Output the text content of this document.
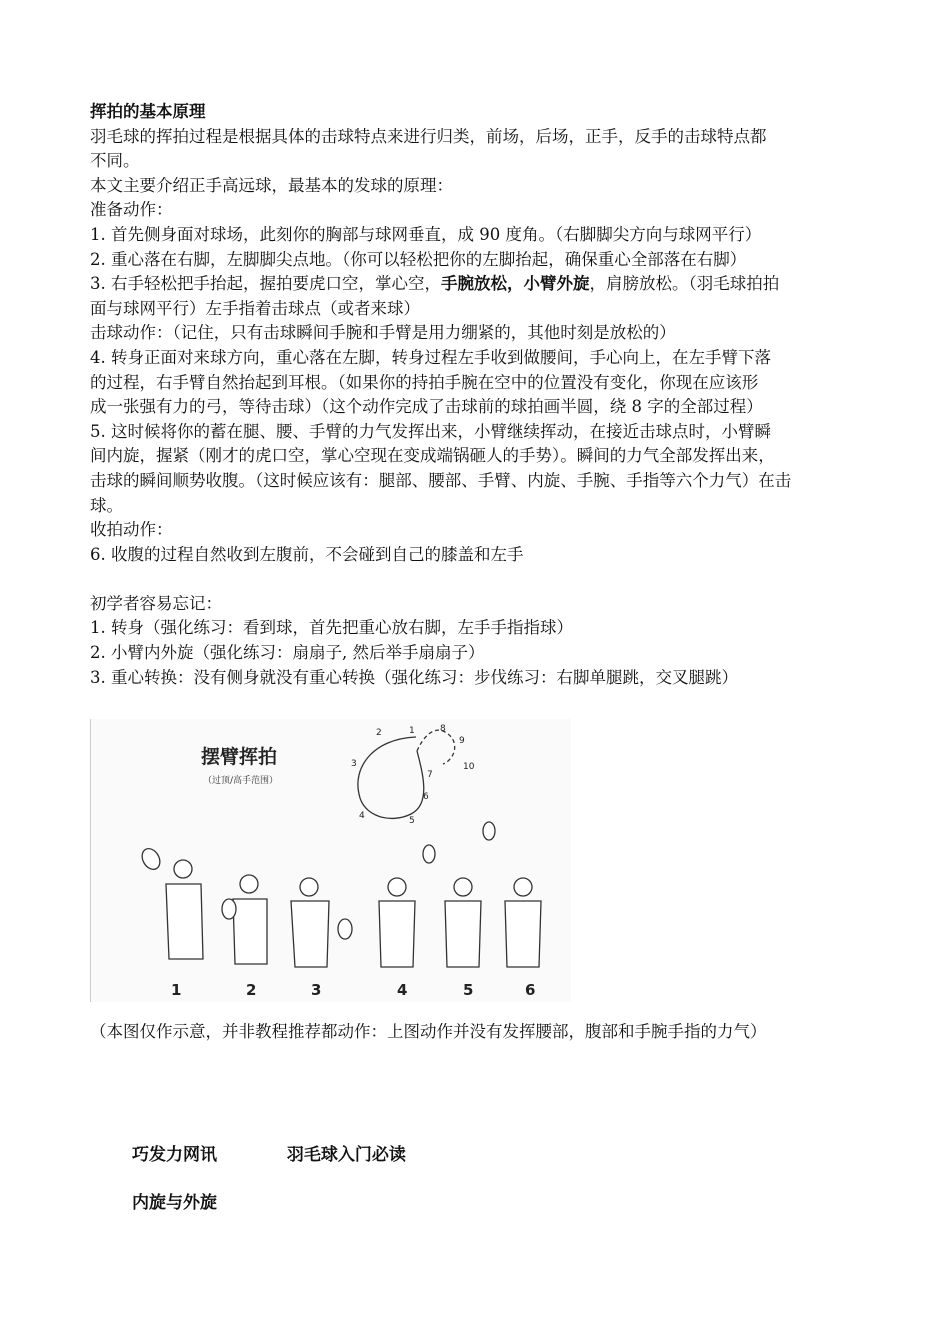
挥拍的基本原理

羽毛球的挥拍过程是根据具体的击球特点来进行归类，前场，后场，正手，反手的击球特点都

不同。

本文主要介绍正手高远球，最基本的发球的原理：

准备动作：

1. 首先侧身面对球场，此刻你的胸部与球网垂直，成 90 度角。（右脚脚尖方向与球网平行）

2. 重心落在右脚，左脚脚尖点地。（你可以轻松把你的左脚抬起，确保重心全部落在右脚）

3. 右手轻松把手抬起，握拍要虎口空，掌心空，手腕放松，小臂外旋，肩膀放松。（羽毛球拍拍

面与球网平行）左手指着击球点（或者来球）

击球动作：（记住，只有击球瞬间手腕和手臂是用力绷紧的，其他时刻是放松的）

4. 转身正面对来球方向，重心落在左脚，转身过程左手收到做腰间，手心向上，在左手臂下落

的过程，右手臂自然抬起到耳根。（如果你的持拍手腕在空中的位置没有变化，你现在应该形

成一张强有力的弓，等待击球）（这个动作完成了击球前的球拍画半圆，绕 8 字的全部过程）

5. 这时候将你的蓄在腿、腰、手臂的力气发挥出来，小臂继续挥动，在接近击球点时，小臂瞬

间内旋，握紧（刚才的虎口空，掌心空现在变成端锅砸人的手势）。瞬间的力气全部发挥出来，

击球的瞬间顺势收腹。（这时候应该有：腿部、腰部、手臂、内旋、手腕、手指等六个力气）在击

球。

收拍动作：

6. 收腹的过程自然收到左腹前，不会碰到自己的膝盖和左手

初学者容易忘记：

1. 转身（强化练习：看到球，首先把重心放右脚，左手手指指球）

2. 小臂内外旋（强化练习：扇扇子, 然后举手扇扇子）

3. 重心转换：没有侧身就没有重心转换（强化练习：步伐练习：右脚单腿跳，交叉腿跳）

摆臂挥拍
（过顶/高手范围）
2	1
3
4	5
6
7
8
9
10
1	2	3	4	5	6
（本图仅作示意，并非教程推荐都动作：上图动作并没有发挥腰部，腹部和手腕手指的力气）
巧发力网讯	羽毛球入门必读
内旋与外旋
